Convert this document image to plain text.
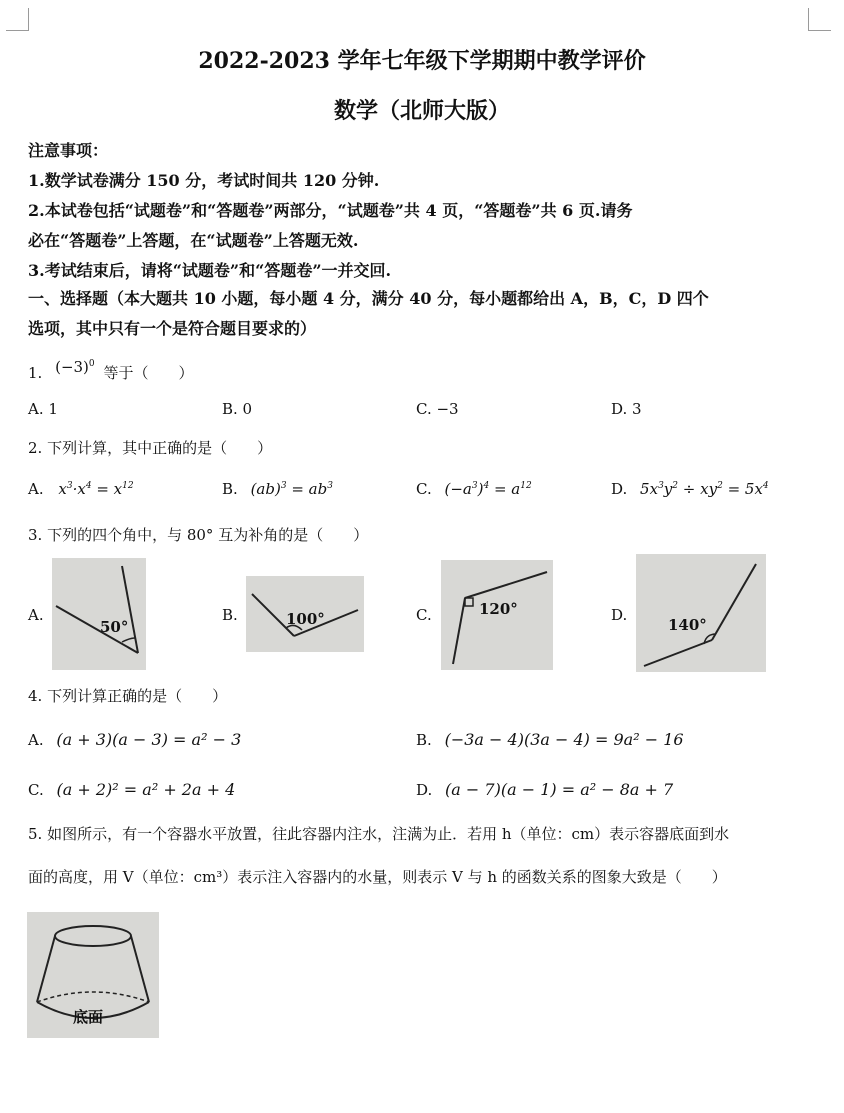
2022-2023 学年七年级下学期期中教学评价
数学（北师大版）
注意事项：
1.数学试卷满分 150 分，考试时间共 120 分钟.
2.本试卷包括“试题卷”和“答题卷”两部分，“试题卷”共 4 页，“答题卷”共 6 页.请务
必在“答题卷”上答题，在“试题卷”上答题无效.
3.考试结束后，请将“试题卷”和“答题卷”一并交回.
一、选择题（本大题共 10 小题，每小题 4 分，满分 40 分，每小题都给出 A，B，C，D 四个
选项，其中只有一个是符合题目要求的）
1. $(-3)^0$ 等于（　　）
A. 1	B. 0	C. −3	D. 3
2. 下列计算，其中正确的是（　　）
A. $x^3\cdot x^4 = x^{12}$	B. $(ab)^3 = ab^3$	C. $(-a^3)^4 = a^{12}$	D. $5x^3y^2 \div xy^2 = 5x^4$
3. 下列的四个角中，与 80° 互为补角的是（　　）
A.
50°
B.	100°	C.	120°	D.
140°
4. 下列计算正确的是（　　）
A. (a + 3)(a − 3) = a² − 3	B. (−3a − 4)(3a − 4) = 9a² − 16
C. (a + 2)² = a² + 2a + 4	D. (a − 7)(a − 1) = a² − 8a + 7
5. 如图所示，有一个容器水平放置，往此容器内注水，注满为止．若用 h（单位：cm）表示容器底面到水
面的高度，用 V（单位：cm³）表示注入容器内的水量，则表示 V 与 h 的函数关系的图象大致是（　　）
底面
